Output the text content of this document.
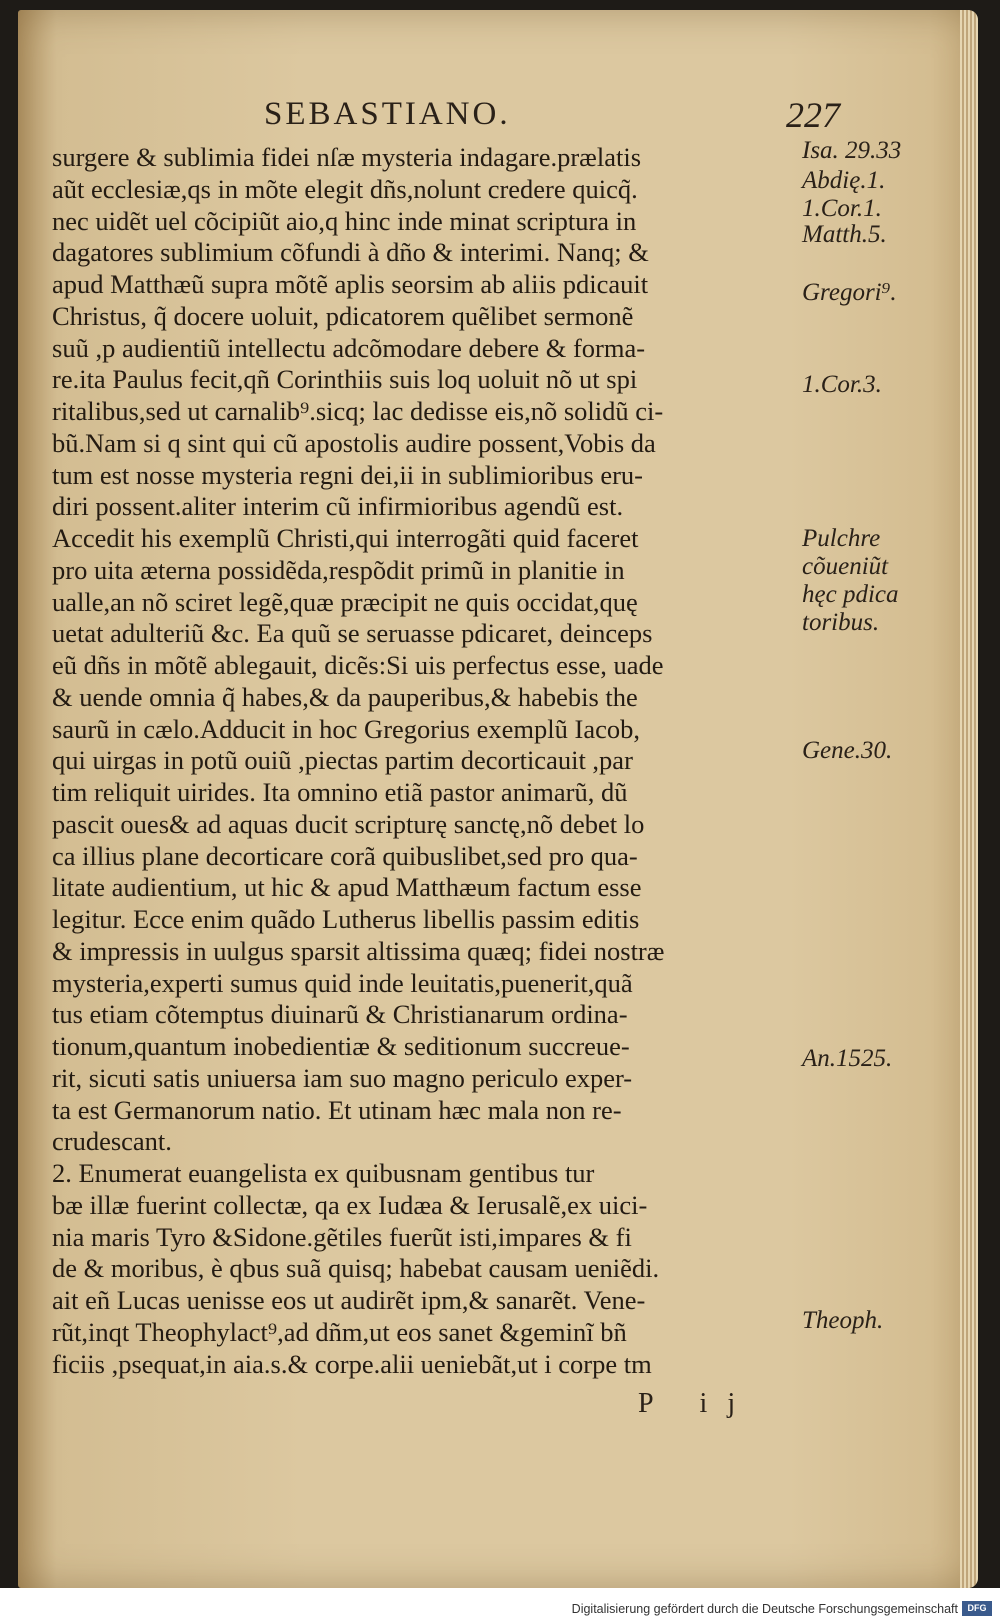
SEBASTIANO.	227
surgere & sublimia fidei nſæ mysteria indagare.prælatis
aũt ecclesiæ,qs in mõte elegit dñs,nolunt credere quicq̃.
nec uidẽt uel cõcipiũt aio,q hinc inde minat scriptura in
dagatores sublimium cõfundi à dño & interimi. Nanq; &
apud Matthæũ supra mõtẽ aplis seorsim ab aliis pdicauit
Christus, q̃ docere uoluit, pdicatorem quẽlibet sermonẽ
suũ ,p audientiũ intellectu adcõmodare debere & forma-
re.ita Paulus fecit,qñ Corinthiis suis loq uoluit nõ ut spi
ritalibus,sed ut carnalib⁹.sicq; lac dedisse eis,nõ solidũ ci-
bũ.Nam si q sint qui cũ apostolis audire possent,Vobis da
tum est nosse mysteria regni dei,ii in sublimioribus eru-
diri possent.aliter interim cũ infirmioribus agendũ est.
Accedit his exemplũ Christi,qui interrogãti quid faceret
pro uita æterna possidẽda,respõdit primũ in planitie in
ualle,an nõ sciret legẽ,quæ præcipit ne quis occidat,quę
uetat adulteriũ &c. Ea quũ se seruasse pdicaret, deinceps
eũ dñs in mõtẽ ablegauit, dicẽs:Si uis perfectus esse, uade
& uende omnia q̃ habes,& da pauperibus,& habebis the
saurũ in cælo.Adducit in hoc Gregorius exemplũ Iacob,
qui uirgas in potũ ouiũ ,piectas partim decorticauit ,par
tim reliquit uirides. Ita omnino etiã pastor animarũ, dũ
pascit oues& ad aquas ducit scripturę sanctę,nõ debet lo
ca illius plane decorticare corã quibuslibet,sed pro qua-
litate audientium, ut hic & apud Matthæum factum esse
legitur. Ecce enim quãdo Lutherus libellis passim editis
& impressis in uulgus sparsit altissima quæq; fidei nostræ
mysteria,experti sumus quid inde leuitatis,puenerit,quã
tus etiam cõtemptus diuinarũ & Christianarum ordina-
tionum,quantum inobedientiæ & seditionum succreue-
rit, sicuti satis uniuersa iam suo magno periculo exper-
ta est Germanorum natio. Et utinam hæc mala non re-
crudescant.
2. Enumerat euangelista ex quibusnam gentibus tur
bæ illæ fuerint collectæ, qa ex Iudæa & Ierusalẽ,ex uici-
nia maris Tyro &Sidone.gẽtiles fuerũt isti,impares & fi
de & moribus, è qbus suã quisq; habebat causam ueniẽdi.
ait eñ Lucas uenisse eos ut audirẽt ipm,& sanarẽt. Vene-
rũt,inqt Theophylact⁹,ad dñm,ut eos sanet &geminĩ bñ
ficiis ,psequat,in aia.s.& corpe.alii ueniebãt,ut i corpe tm
Isa. 29.33
Abdię.1.
1.Cor.1.
Matth.5.
Gregori⁹.
1.Cor.3.
Pulchre
cõueniũt
hęc pdica
toribus.
Gene.30.
An.1525.
Theoph.
P ij
Digitalisierung gefördert durch die Deutsche Forschungsgemeinschaft	DFG
